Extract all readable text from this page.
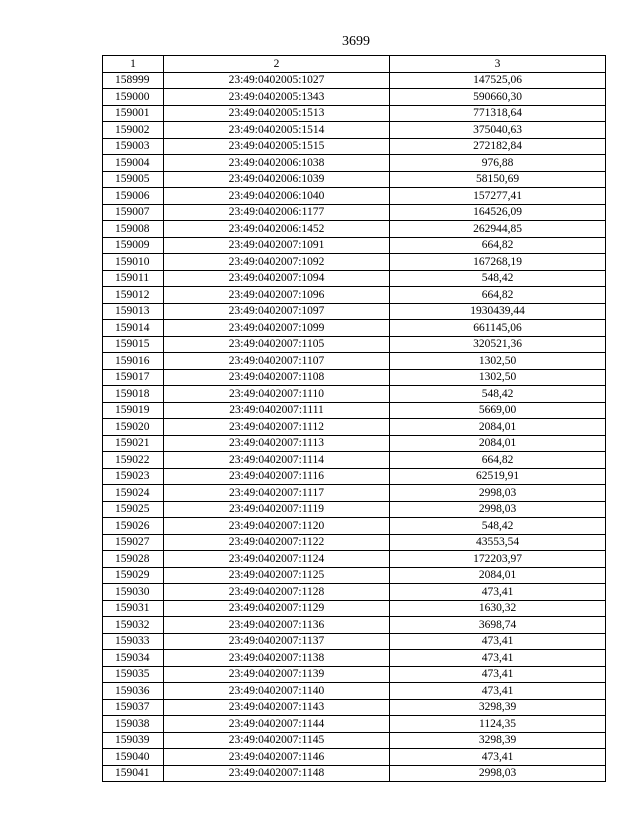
3699
1	2	3
158999	23:49:0402005:1027	147525,06
159000	23:49:0402005:1343	590660,30
159001	23:49:0402005:1513	771318,64
159002	23:49:0402005:1514	375040,63
159003	23:49:0402005:1515	272182,84
159004	23:49:0402006:1038	976,88
159005	23:49:0402006:1039	58150,69
159006	23:49:0402006:1040	157277,41
159007	23:49:0402006:1177	164526,09
159008	23:49:0402006:1452	262944,85
159009	23:49:0402007:1091	664,82
159010	23:49:0402007:1092	167268,19
159011	23:49:0402007:1094	548,42
159012	23:49:0402007:1096	664,82
159013	23:49:0402007:1097	1930439,44
159014	23:49:0402007:1099	661145,06
159015	23:49:0402007:1105	320521,36
159016	23:49:0402007:1107	1302,50
159017	23:49:0402007:1108	1302,50
159018	23:49:0402007:1110	548,42
159019	23:49:0402007:1111	5669,00
159020	23:49:0402007:1112	2084,01
159021	23:49:0402007:1113	2084,01
159022	23:49:0402007:1114	664,82
159023	23:49:0402007:1116	62519,91
159024	23:49:0402007:1117	2998,03
159025	23:49:0402007:1119	2998,03
159026	23:49:0402007:1120	548,42
159027	23:49:0402007:1122	43553,54
159028	23:49:0402007:1124	172203,97
159029	23:49:0402007:1125	2084,01
159030	23:49:0402007:1128	473,41
159031	23:49:0402007:1129	1630,32
159032	23:49:0402007:1136	3698,74
159033	23:49:0402007:1137	473,41
159034	23:49:0402007:1138	473,41
159035	23:49:0402007:1139	473,41
159036	23:49:0402007:1140	473,41
159037	23:49:0402007:1143	3298,39
159038	23:49:0402007:1144	1124,35
159039	23:49:0402007:1145	3298,39
159040	23:49:0402007:1146	473,41
159041	23:49:0402007:1148	2998,03
